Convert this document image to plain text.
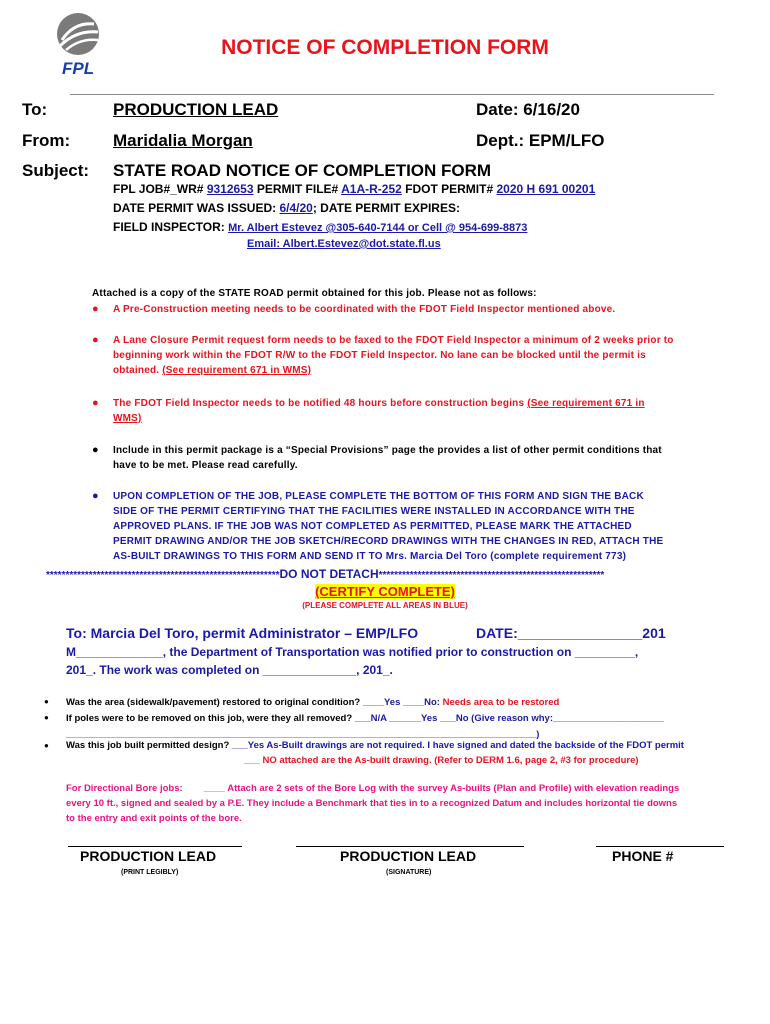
FPL
NOTICE OF COMPLETION FORM
To:	PRODUCTION LEAD	Date: 6/16/20
From:	Maridalia Morgan	Dept.: EPM/LFO
Subject: STATE ROAD NOTICE OF COMPLETION FORM
FPL JOB#_WR# 9312653 PERMIT FILE# A1A-R-252 FDOT PERMIT# 2020 H 691 00201
DATE PERMIT WAS ISSUED: 6/4/20; DATE PERMIT EXPIRES:
FIELD INSPECTOR: Mr. Albert Estevez @305-640-7144 or Cell @ 954-699-8873
Email: Albert.Estevez@dot.state.fl.us
Attached is a copy of the STATE ROAD permit obtained for this job. Please not as follows:
● A Pre-Construction meeting needs to be coordinated with the FDOT Field Inspector mentioned above.
● A Lane Closure Permit request form needs to be faxed to the FDOT Field Inspector a minimum of 2 weeks prior to
beginning work within the FDOT R/W to the FDOT Field Inspector. No lane can be blocked until the permit is
obtained. (See requirement 671 in WMS)
● The FDOT Field Inspector needs to be notified 48 hours before construction begins (See requirement 671 in
WMS)
● Include in this permit package is a “Special Provisions” page the provides a list of other permit conditions that
have to be met. Please read carefully.
● UPON COMPLETION OF THE JOB, PLEASE COMPLETE THE BOTTOM OF THIS FORM AND SIGN THE BACK
SIDE OF THE PERMIT CERTIFYING THAT THE FACILITIES WERE INSTALLED IN ACCORDANCE WITH THE
APPROVED PLANS. IF THE JOB WAS NOT COMPLETED AS PERMITTED, PLEASE MARK THE ATTACHED
PERMIT DRAWING AND/OR THE JOB SKETCH/RECORD DRAWINGS WITH THE CHANGES IN RED, ATTACH THE
AS-BUILT DRAWINGS TO THIS FORM AND SEND IT TO Mrs. Marcia Del Toro (complete requirement 773)
************************************************************DO NOT DETACH**********************************************************
(CERTIFY COMPLETE)
(PLEASE COMPLETE ALL AREAS IN BLUE)
To: Marcia Del Toro, permit Administrator – EMP/LFO	DATE:________________201
M_____________, the Department of Transportation was notified prior to construction on _________,
201_. The work was completed on ______________, 201_.
● Was the area (sidewalk/pavement) restored to original condition? ____Yes ____No: Needs area to be restored
● If poles were to be removed on this job, were they all removed? ___N/A ______Yes ___No (Give reason why:_____________________
_________________________________________________________________________________________)
● Was this job built permitted design? ___Yes As-Built drawings are not required. I have signed and dated the backside of the FDOT permit
___ NO attached are the As-built drawing. (Refer to DERM 1.6, page 2, #3 for procedure)
For Directional Bore jobs: ____ Attach are 2 sets of the Bore Log with the survey As-builts (Plan and Profile) with elevation readings
every 10 ft., signed and sealed by a P.E. They include a Benchmark that ties in to a recognized Datum and includes horizontal tie downs
to the entry and exit points of the bore.
PRODUCTION LEAD	PRODUCTION LEAD	PHONE #
(PRINT LEGIBLY)	(SIGNATURE)
